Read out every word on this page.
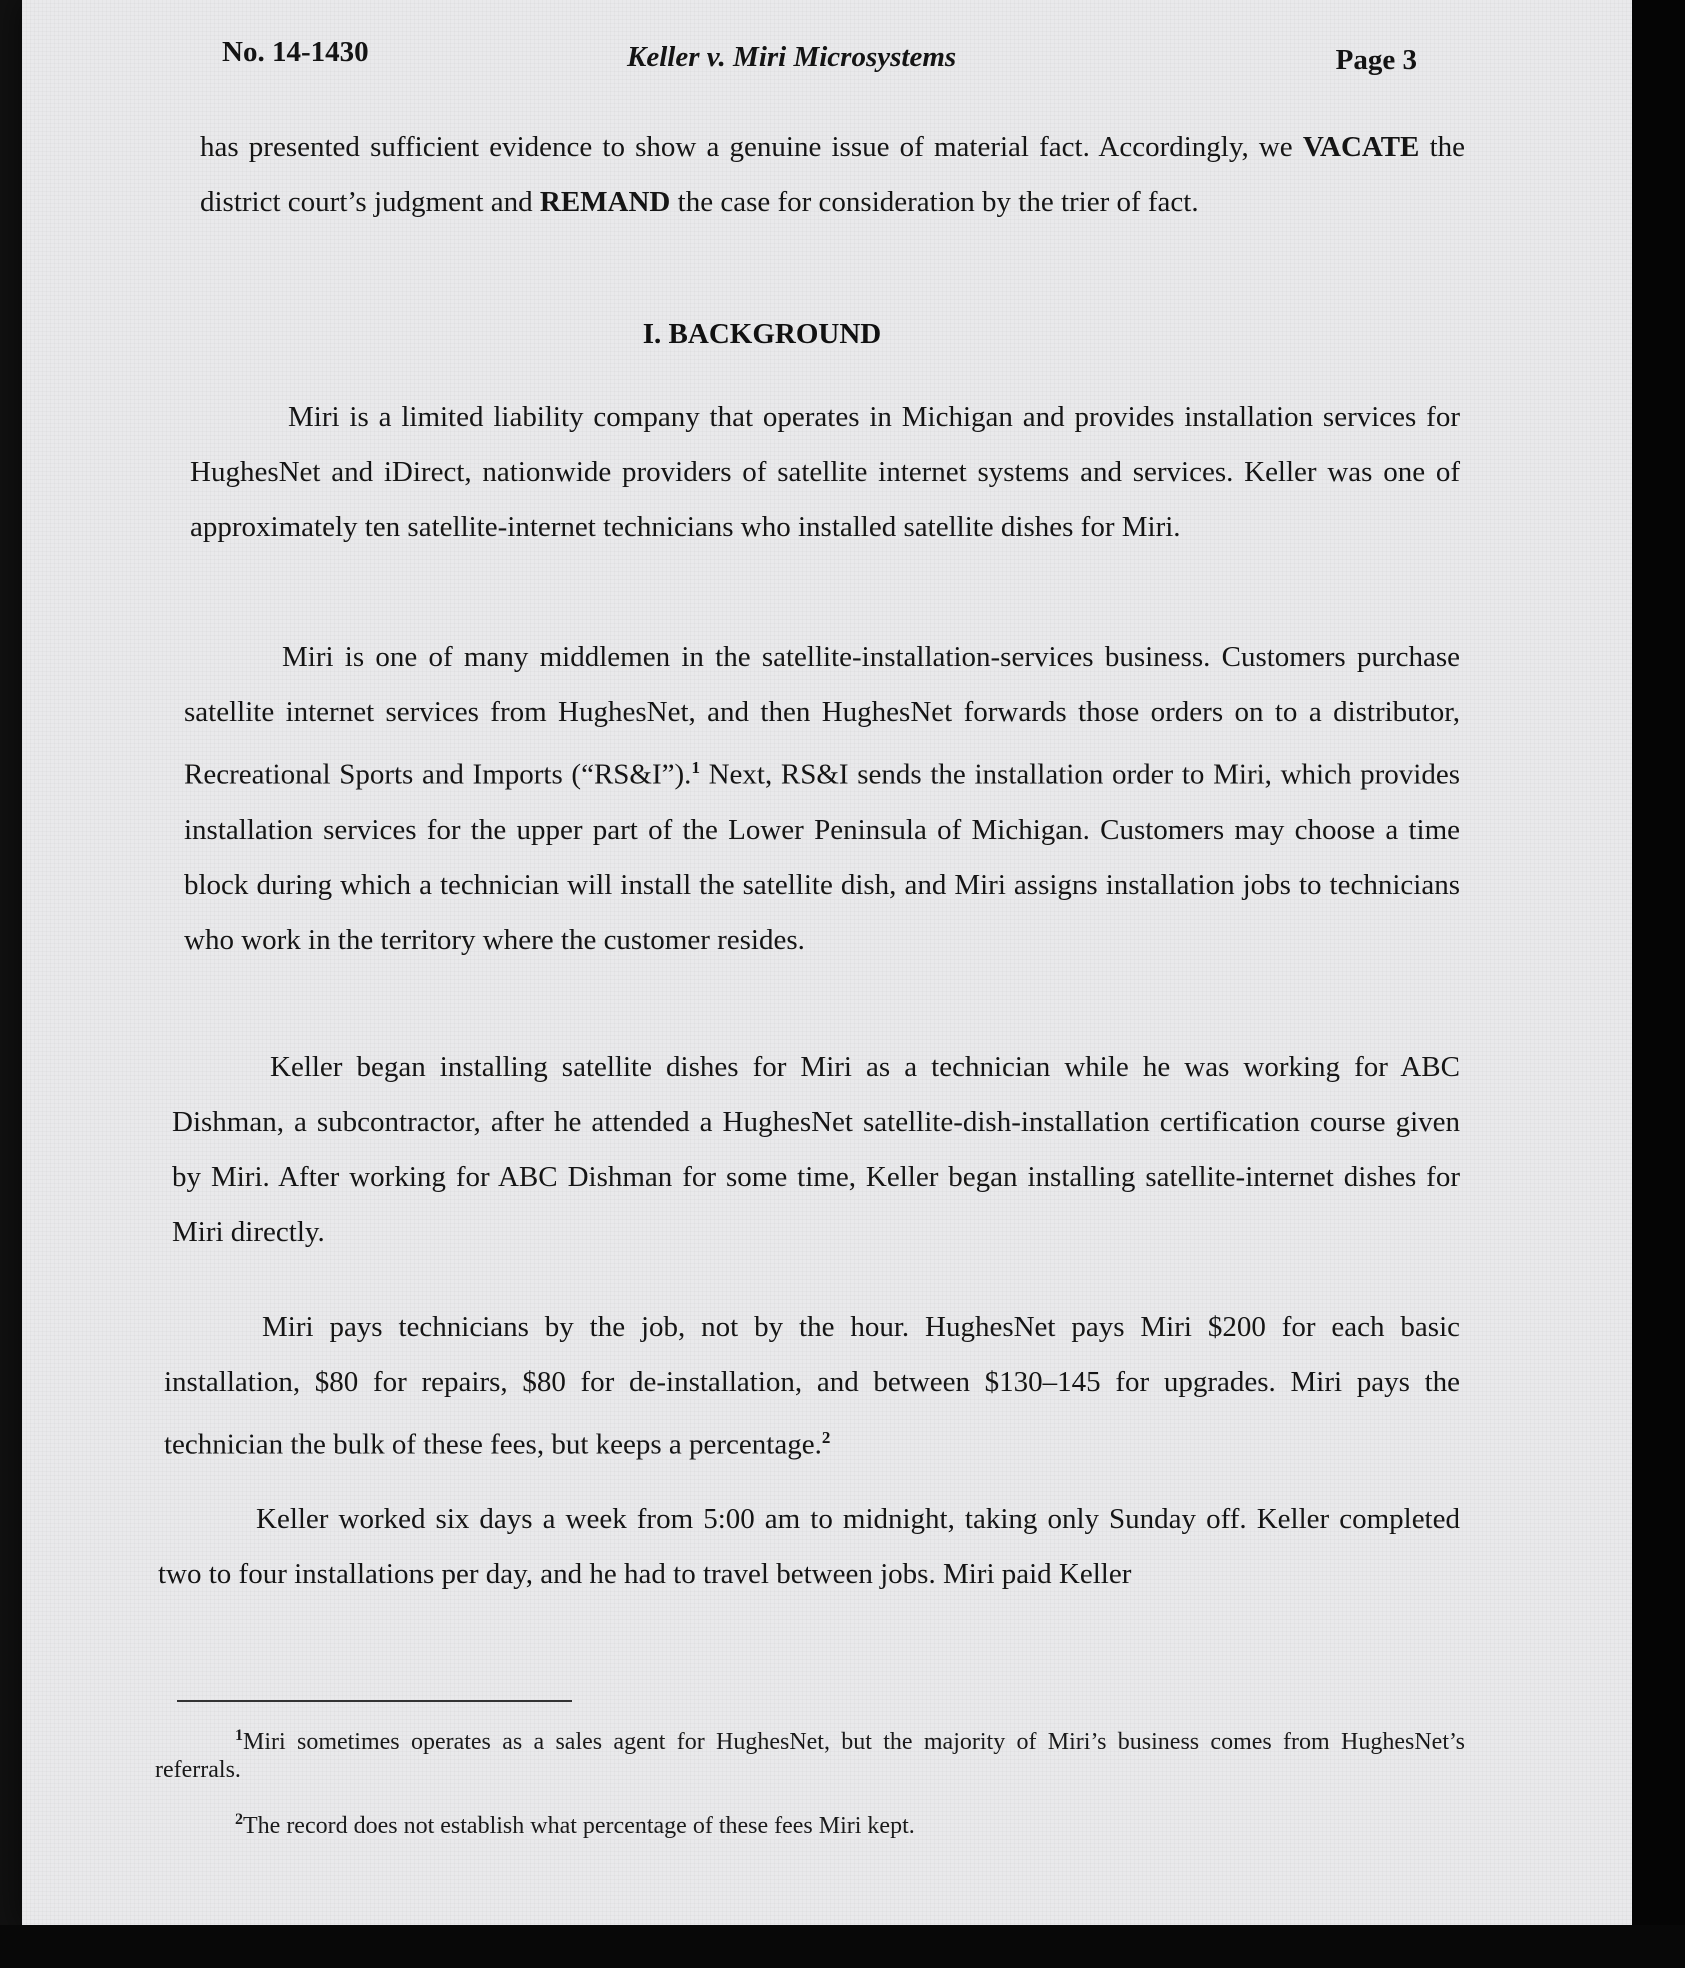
No. 14-1430	Keller v. Miri Microsystems	Page 3

has presented sufficient evidence to show a genuine issue of material fact. Accordingly, we VACATE the district court’s judgment and REMAND the case for consideration by the trier of fact.

I. BACKGROUND

Miri is a limited liability company that operates in Michigan and provides installation services for HughesNet and iDirect, nationwide providers of satellite internet systems and services. Keller was one of approximately ten satellite-internet technicians who installed satellite dishes for Miri.

Miri is one of many middlemen in the satellite-installation-services business. Customers purchase satellite internet services from HughesNet, and then HughesNet forwards those orders on to a distributor, Recreational Sports and Imports (“RS&I”).$^1$ Next, RS&I sends the installation order to Miri, which provides installation services for the upper part of the Lower Peninsula of Michigan. Customers may choose a time block during which a technician will install the satellite dish, and Miri assigns installation jobs to technicians who work in the territory where the customer resides.

Keller began installing satellite dishes for Miri as a technician while he was working for ABC Dishman, a subcontractor, after he attended a HughesNet satellite-dish-installation certification course given by Miri. After working for ABC Dishman for some time, Keller began installing satellite-internet dishes for Miri directly.

Miri pays technicians by the job, not by the hour. HughesNet pays Miri $200 for each basic installation, $80 for repairs, $80 for de-installation, and between $130–145 for upgrades. Miri pays the technician the bulk of these fees, but keeps a percentage.$^2$

Keller worked six days a week from 5:00 am to midnight, taking only Sunday off. Keller completed two to four installations per day, and he had to travel between jobs. Miri paid Keller

$^1$Miri sometimes operates as a sales agent for HughesNet, but the majority of Miri’s business comes from HughesNet’s referrals.

$^2$The record does not establish what percentage of these fees Miri kept.
